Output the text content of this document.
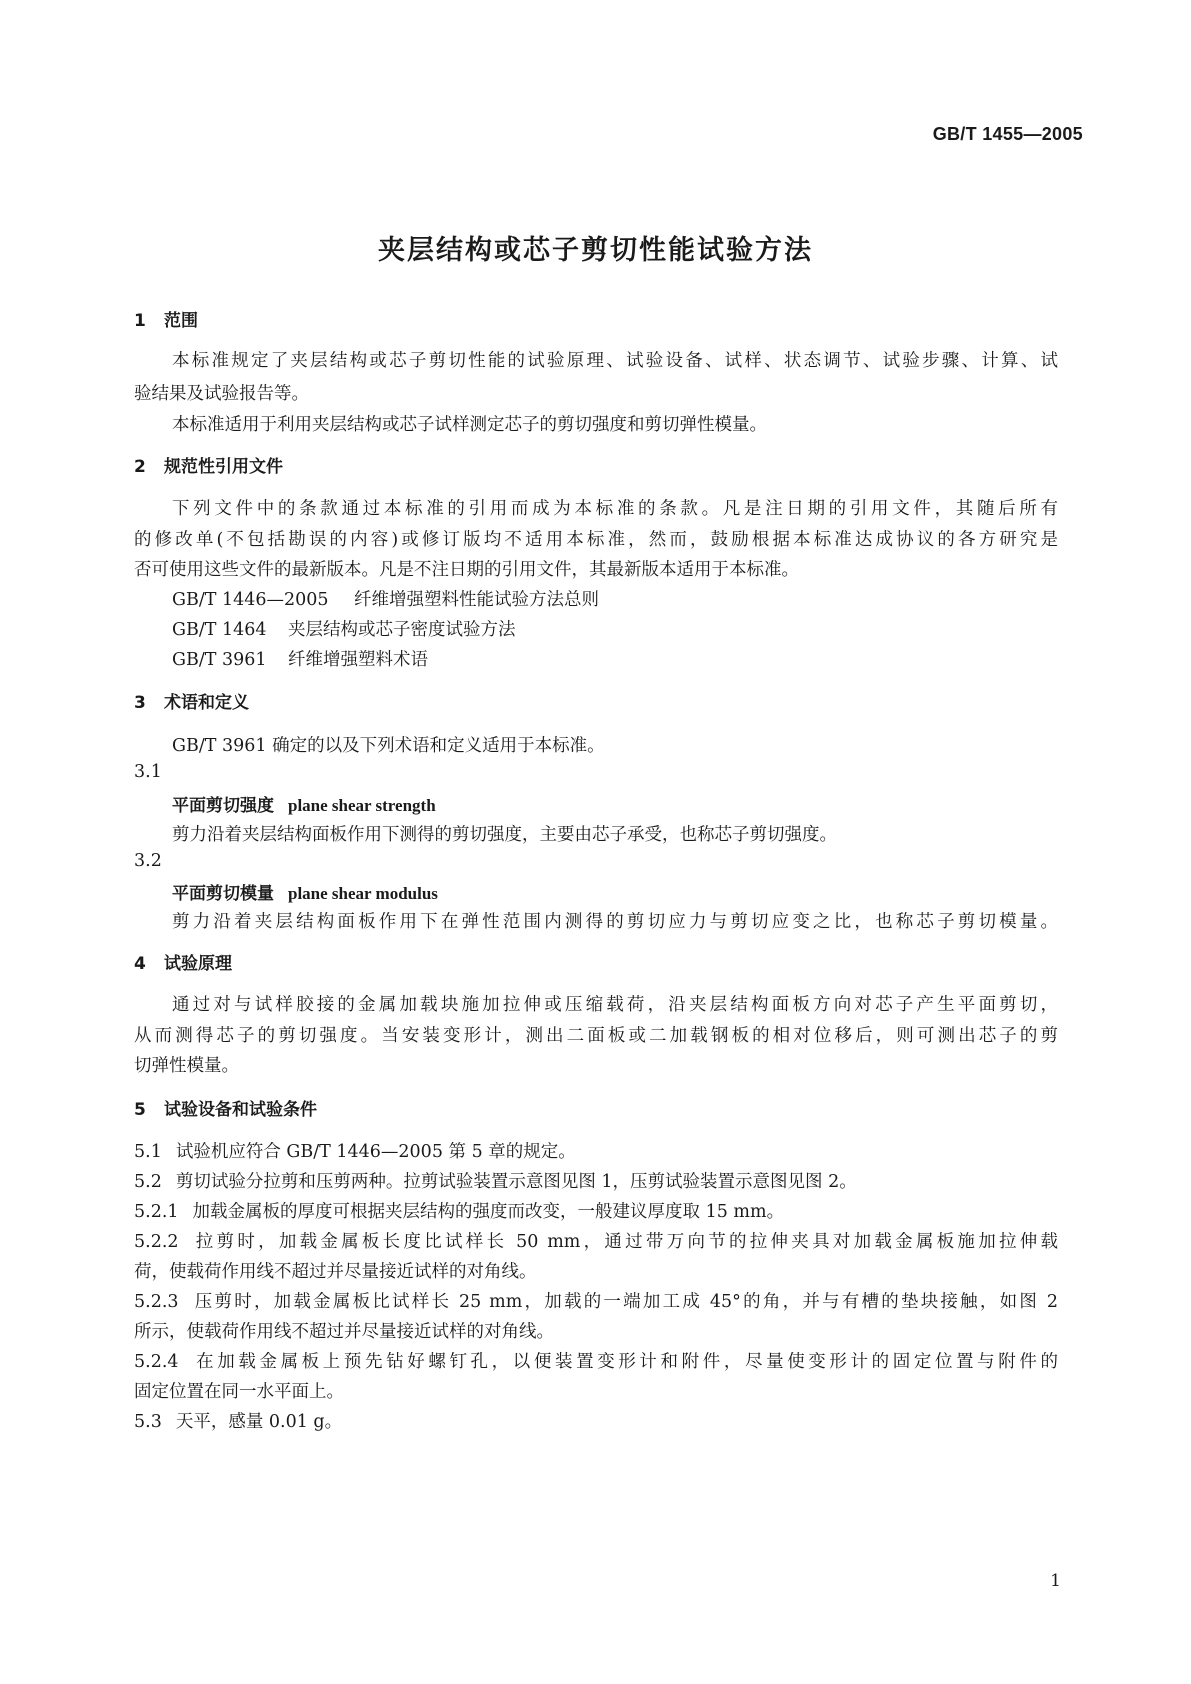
GB/T 1455—2005
夹层结构或芯子剪切性能试验方法
1 范围
本标准规定了夹层结构或芯子剪切性能的试验原理、试验设备、试样、状态调节、试验步骤、计算、试
验结果及试验报告等。
本标准适用于利用夹层结构或芯子试样测定芯子的剪切强度和剪切弹性模量。
2 规范性引用文件
下列文件中的条款通过本标准的引用而成为本标准的条款。凡是注日期的引用文件，其随后所有
的修改单(不包括勘误的内容)或修订版均不适用本标准，然而，鼓励根据本标准达成协议的各方研究是
否可使用这些文件的最新版本。凡是不注日期的引用文件，其最新版本适用于本标准。
GB/T 1446—2005 纤维增强塑料性能试验方法总则
GB/T 1464 夹层结构或芯子密度试验方法
GB/T 3961 纤维增强塑料术语
3 术语和定义
GB/T 3961 确定的以及下列术语和定义适用于本标准。
3.1
平面剪切强度 plane shear strength
剪力沿着夹层结构面板作用下测得的剪切强度，主要由芯子承受，也称芯子剪切强度。
3.2
平面剪切模量 plane shear modulus
剪力沿着夹层结构面板作用下在弹性范围内测得的剪切应力与剪切应变之比，也称芯子剪切模量。
4 试验原理
通过对与试样胶接的金属加载块施加拉伸或压缩载荷，沿夹层结构面板方向对芯子产生平面剪切，
从而测得芯子的剪切强度。当安装变形计，测出二面板或二加载钢板的相对位移后，则可测出芯子的剪
切弹性模量。
5 试验设备和试验条件
5.1 试验机应符合 GB/T 1446—2005 第 5 章的规定。
5.2 剪切试验分拉剪和压剪两种。拉剪试验装置示意图见图 1，压剪试验装置示意图见图 2。
5.2.1 加载金属板的厚度可根据夹层结构的强度而改变，一般建议厚度取 15 mm。
5.2.2 拉剪时，加载金属板长度比试样长 50 mm，通过带万向节的拉伸夹具对加载金属板施加拉伸载
荷，使载荷作用线不超过并尽量接近试样的对角线。
5.2.3 压剪时，加载金属板比试样长 25 mm，加载的一端加工成 45°的角，并与有槽的垫块接触，如图 2
所示，使载荷作用线不超过并尽量接近试样的对角线。
5.2.4 在加载金属板上预先钻好螺钉孔，以便装置变形计和附件，尽量使变形计的固定位置与附件的
固定位置在同一水平面上。
5.3 天平，感量 0.01 g。
1
